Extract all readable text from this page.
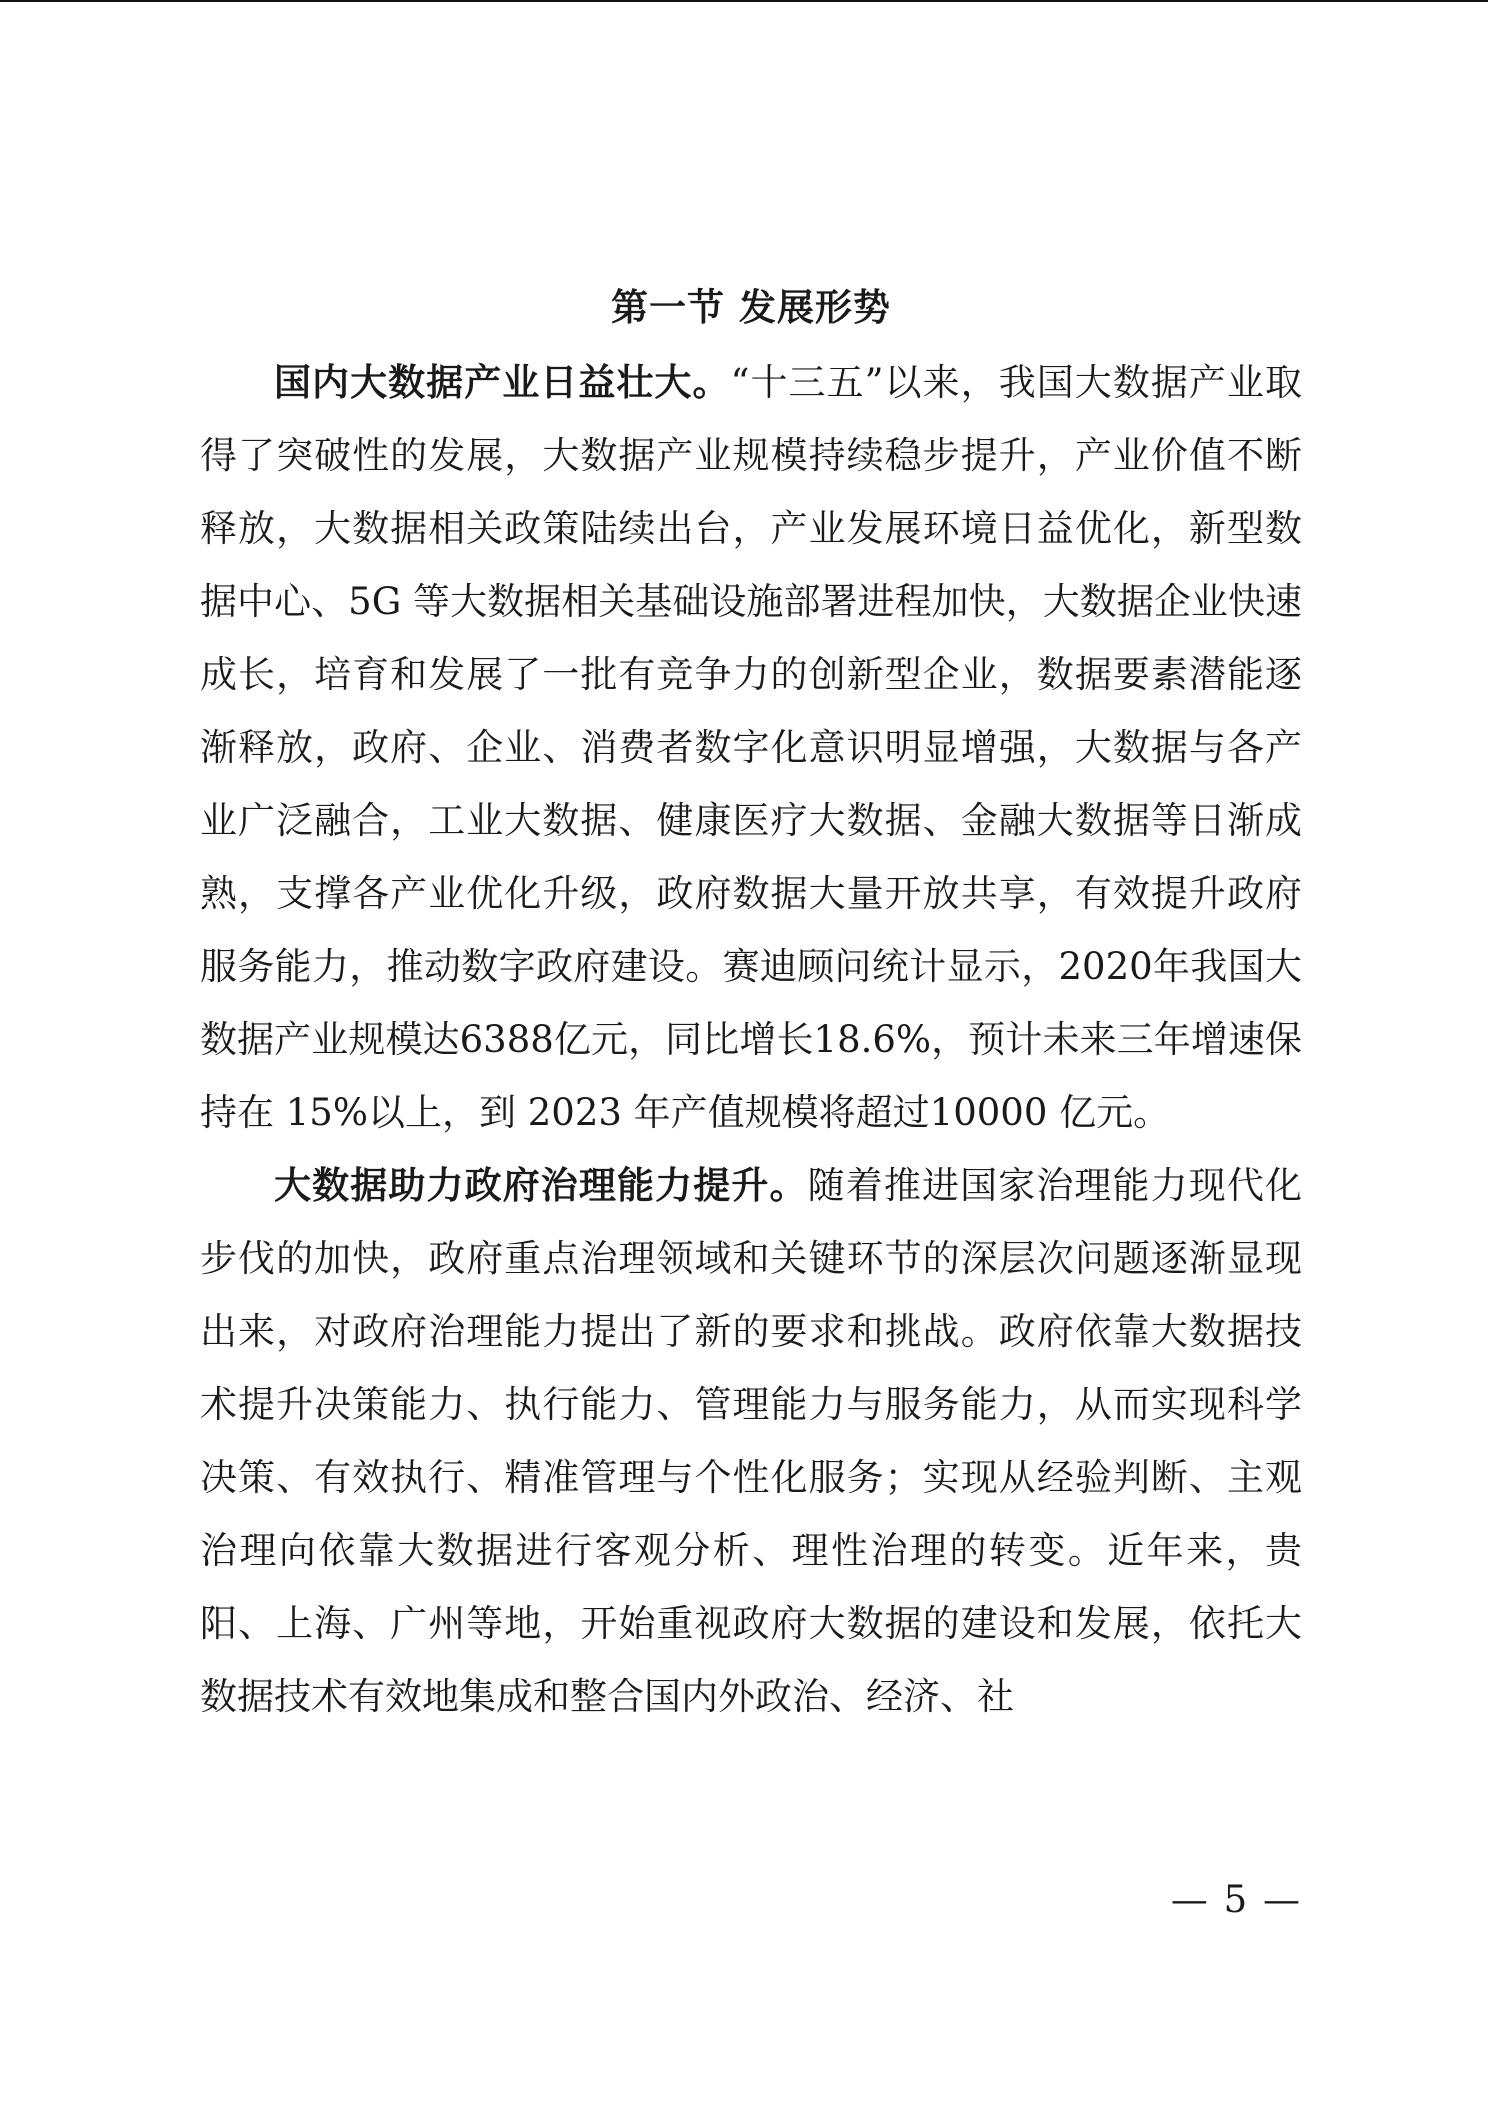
第一节 发展形势

国内大数据产业日益壮大。“十三五”以来，我国大数据产业取得了突破性的发展，大数据产业规模持续稳步提升，产业价值不断释放，大数据相关政策陆续出台，产业发展环境日益优化，新型数据中心、5G 等大数据相关基础设施部署进程加快，大数据企业快速成长，培育和发展了一批有竞争力的创新型企业，数据要素潜能逐渐释放，政府、企业、消费者数字化意识明显增强，大数据与各产业广泛融合，工业大数据、健康医疗大数据、金融大数据等日渐成熟，支撑各产业优化升级，政府数据大量开放共享，有效提升政府服务能力，推动数字政府建设。赛迪顾问统计显示，2020年我国大数据产业规模达6388亿元，同比增长18.6%，预计未来三年增速保持在 15%以上，到 2023 年产值规模将超过10000 亿元。

大数据助力政府治理能力提升。随着推进国家治理能力现代化步伐的加快，政府重点治理领域和关键环节的深层次问题逐渐显现出来，对政府治理能力提出了新的要求和挑战。政府依靠大数据技术提升决策能力、执行能力、管理能力与服务能力，从而实现科学决策、有效执行、精准管理与个性化服务；实现从经验判断、主观治理向依靠大数据进行客观分析、理性治理的转变。近年来，贵阳、上海、广州等地，开始重视政府大数据的建设和发展，依托大数据技术有效地集成和整合国内外政治、经济、社

— 5 —
